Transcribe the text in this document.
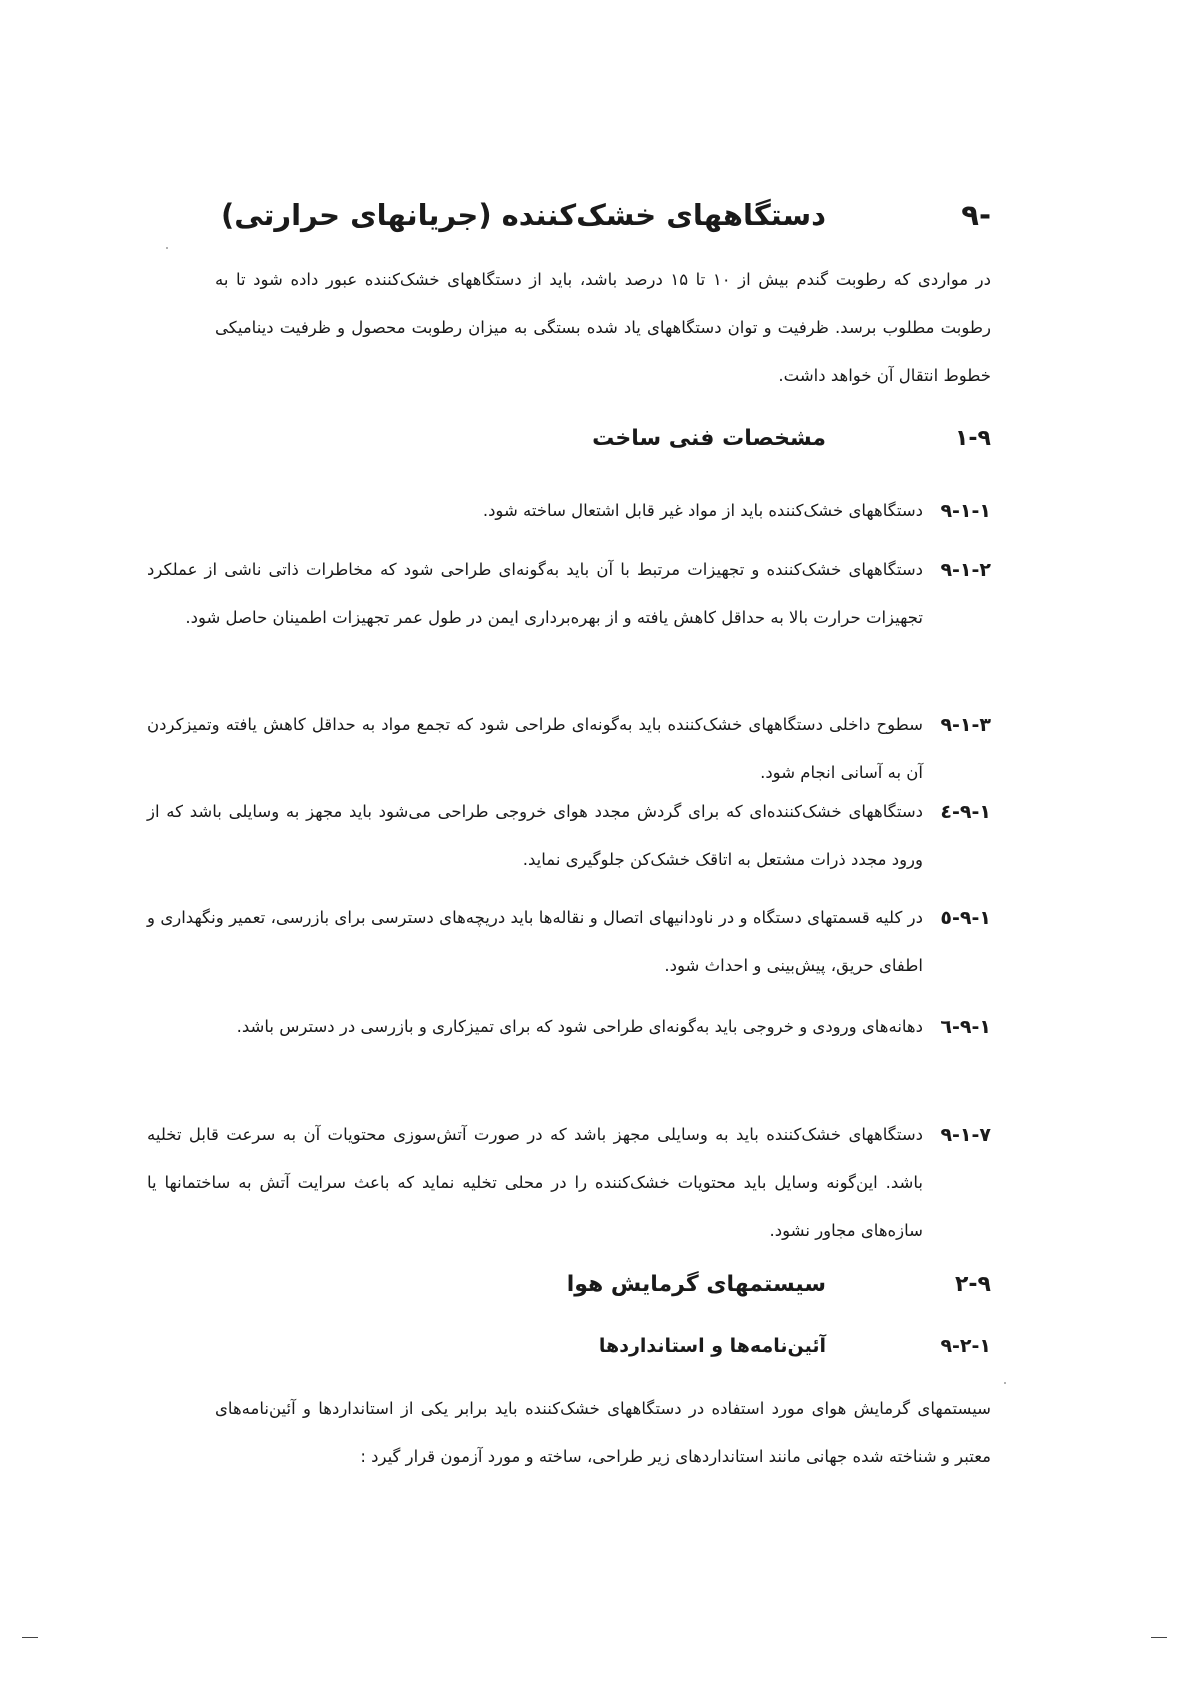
-۹
دستگاههای خشک‌کننده (جریانهای حرارتی)
در مواردی که رطوبت گندم بیش از ۱۰ تا ۱۵ درصد باشد، باید از دستگاههای خشک‌کننده عبور داده شود تا به رطوبت مطلوب برسد. ظرفیت و توان دستگاههای یاد شده بستگی به میزان رطوبت محصول و ظرفیت دینامیکی خطوط انتقال آن خواهد داشت.
۱-۹
مشخصات فنی ساخت
۹-۱-۱
دستگاههای خشک‌کننده باید از مواد غیر قابل اشتعال ساخته شود.
۹-۱-۲
دستگاههای خشک‌کننده و تجهیزات مرتبط با آن باید به‌گونه‌ای طراحی شود که مخاطرات ذاتی ناشی از عملکرد تجهیزات حرارت بالا به حداقل کاهش یافته و از بهره‌برداری ایمن در طول عمر تجهیزات اطمینان حاصل شود.
۹-۱-۳
سطوح داخلی دستگاههای خشک‌کننده باید به‌گونه‌ای طراحی شود که تجمع مواد به حداقل کاهش یافته وتمیزکردن آن به آسانی انجام شود.
۹-۱-٤
دستگاههای خشک‌کننده‌ای که برای گردش مجدد هوای خروجی طراحی می‌شود باید مجهز به وسایلی باشد که از ورود مجدد ذرات مشتعل به اتاقک خشک‌کن جلوگیری نماید.
۹-۱-٥
در کلیه قسمتهای دستگاه و در ناودانیهای اتصال و نقاله‌ها باید دریچه‌های دسترسی برای بازرسی، تعمیر ونگهداری و اطفای حریق، پیش‌بینی و احداث شود.
۹-۱-٦
دهانه‌های ورودی و خروجی باید به‌گونه‌ای طراحی شود که برای تمیزکاری و بازرسی در دسترس باشد.
۹-۱-۷
دستگاههای خشک‌کننده باید به وسایلی مجهز باشد که در صورت آتش‌سوزی محتویات آن به سرعت قابل تخلیه باشد. این‌گونه وسایل باید محتویات خشک‌کننده را در محلی تخلیه نماید که باعث سرایت آتش به ساختمانها یا سازه‌های مجاور نشود.
۲-۹
سیستمهای گرمایش هوا
۹-۲-۱
آئین‌نامه‌ها و استانداردها
سیستمهای گرمایش هوای مورد استفاده در دستگاههای خشک‌کننده باید برابر یکی از استانداردها و آئین‌نامه‌های معتبر و شناخته شده جهانی مانند استانداردهای زیر طراحی، ساخته و مورد آزمون قرار گیرد :
